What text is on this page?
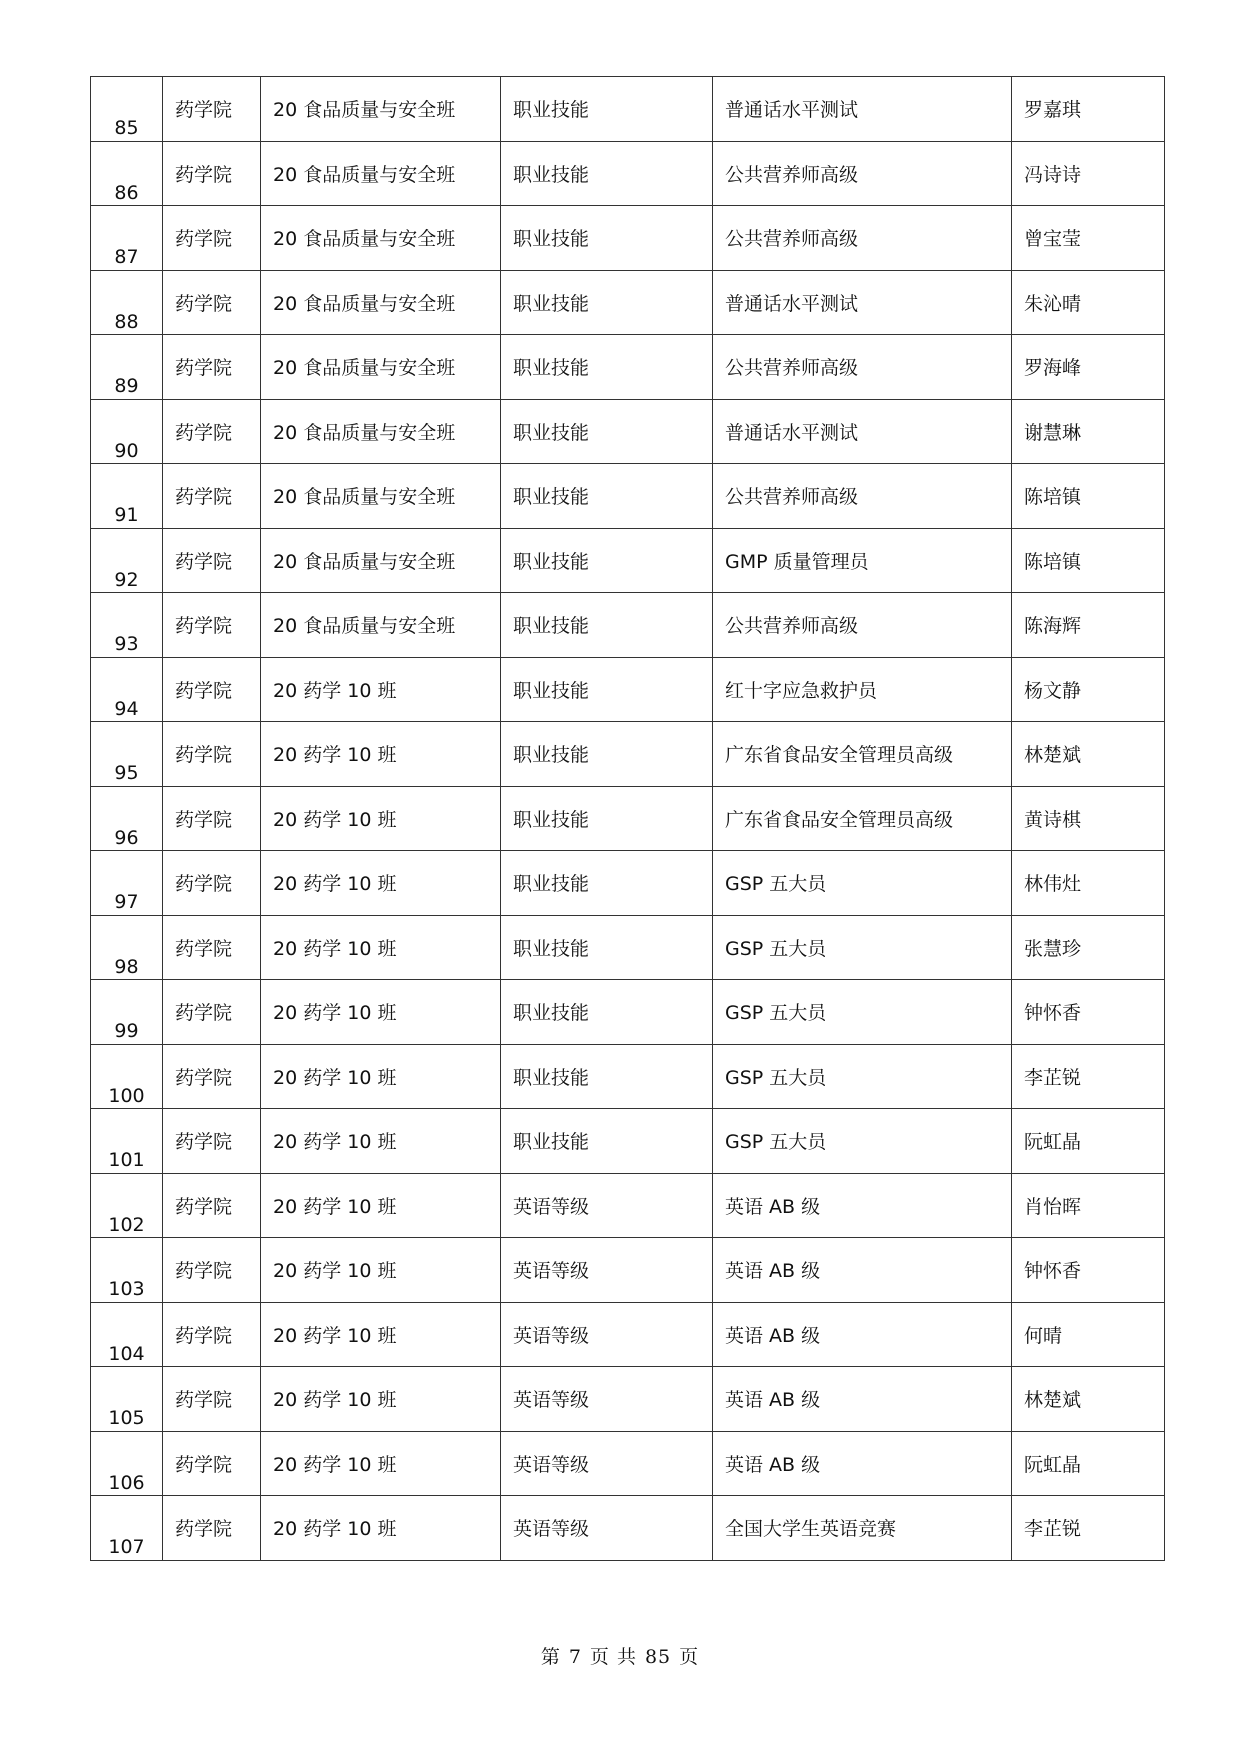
85	药学院	20 食品质量与安全班	职业技能	普通话水平测试	罗嘉琪

86	药学院	20 食品质量与安全班	职业技能	公共营养师高级	冯诗诗

87	药学院	20 食品质量与安全班	职业技能	公共营养师高级	曾宝莹

88	药学院	20 食品质量与安全班	职业技能	普通话水平测试	朱沁晴

89	药学院	20 食品质量与安全班	职业技能	公共营养师高级	罗海峰

90	药学院	20 食品质量与安全班	职业技能	普通话水平测试	谢慧琳

91	药学院	20 食品质量与安全班	职业技能	公共营养师高级	陈培镇

92	药学院	20 食品质量与安全班	职业技能	GMP 质量管理员	陈培镇

93	药学院	20 食品质量与安全班	职业技能	公共营养师高级	陈海辉

94	药学院	20 药学 10 班	职业技能	红十字应急救护员	杨文静

95	药学院	20 药学 10 班	职业技能	广东省食品安全管理员高级	林楚斌

96	药学院	20 药学 10 班	职业技能	广东省食品安全管理员高级	黄诗棋

97	药学院	20 药学 10 班	职业技能	GSP 五大员	林伟灶

98	药学院	20 药学 10 班	职业技能	GSP 五大员	张慧珍

99	药学院	20 药学 10 班	职业技能	GSP 五大员	钟怀香

100	药学院	20 药学 10 班	职业技能	GSP 五大员	李芷锐

101	药学院	20 药学 10 班	职业技能	GSP 五大员	阮虹晶

102	药学院	20 药学 10 班	英语等级	英语 AB 级	肖怡晖

103	药学院	20 药学 10 班	英语等级	英语 AB 级	钟怀香

104	药学院	20 药学 10 班	英语等级	英语 AB 级	何晴

105	药学院	20 药学 10 班	英语等级	英语 AB 级	林楚斌

106	药学院	20 药学 10 班	英语等级	英语 AB 级	阮虹晶

107	药学院	20 药学 10 班	英语等级	全国大学生英语竞赛	李芷锐
第 7 页 共 85 页
